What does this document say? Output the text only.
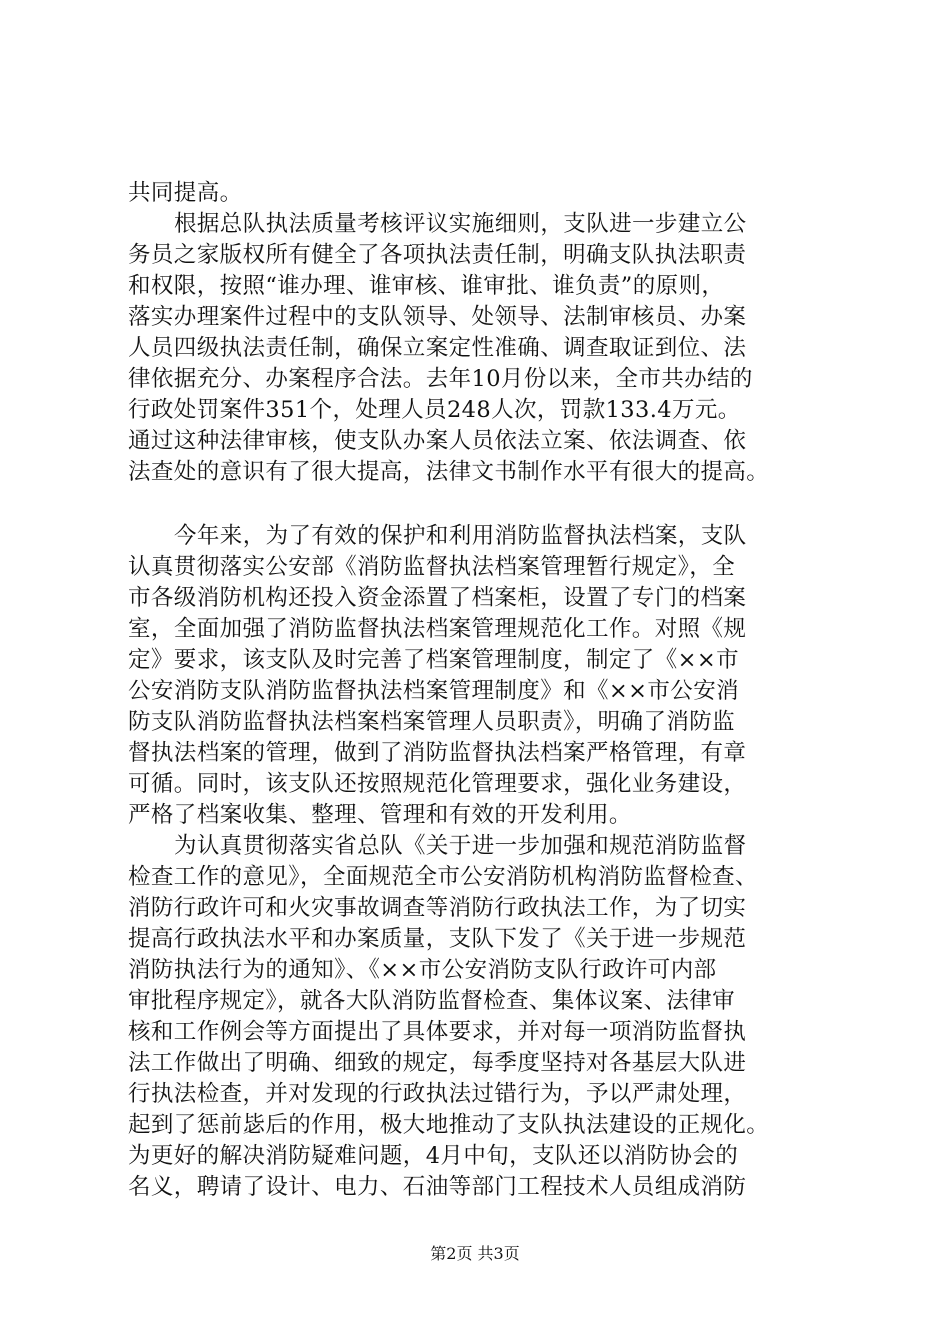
共同提高。
根据总队执法质量考核评议实施细则，支队进一步建立公
务员之家版权所有健全了各项执法责任制，明确支队执法职责
和权限，按照“谁办理、谁审核、谁审批、谁负责”的原则，
落实办理案件过程中的支队领导、处领导、法制审核员、办案
人员四级执法责任制，确保立案定性准确、调查取证到位、法
律依据充分、办案程序合法。去年10月份以来，全市共办结的
行政处罚案件351个，处理人员248人次，罚款133.4万元。
通过这种法律审核，使支队办案人员依法立案、依法调查、依
法查处的意识有了很大提高，法律文书制作水平有很大的提高。
今年来，为了有效的保护和利用消防监督执法档案，支队
认真贯彻落实公安部《消防监督执法档案管理暂行规定》，全
市各级消防机构还投入资金添置了档案柜，设置了专门的档案
室，全面加强了消防监督执法档案管理规范化工作。对照《规
定》要求，该支队及时完善了档案管理制度，制定了《××市
公安消防支队消防监督执法档案管理制度》和《××市公安消
防支队消防监督执法档案档案管理人员职责》，明确了消防监
督执法档案的管理，做到了消防监督执法档案严格管理，有章
可循。同时，该支队还按照规范化管理要求，强化业务建设，
严格了档案收集、整理、管理和有效的开发利用。
为认真贯彻落实省总队《关于进一步加强和规范消防监督
检查工作的意见》，全面规范全市公安消防机构消防监督检查、
消防行政许可和火灾事故调查等消防行政执法工作，为了切实
提高行政执法水平和办案质量，支队下发了《关于进一步规范
消防执法行为的通知》、《××市公安消防支队行政许可内部
审批程序规定》，就各大队消防监督检查、集体议案、法律审
核和工作例会等方面提出了具体要求，并对每一项消防监督执
法工作做出了明确、细致的规定，每季度坚持对各基层大队进
行执法检查，并对发现的行政执法过错行为，予以严肃处理，
起到了惩前毖后的作用，极大地推动了支队执法建设的正规化。
为更好的解决消防疑难问题，4月中旬，支队还以消防协会的
名义，聘请了设计、电力、石油等部门工程技术人员组成消防
第2页 共3页
